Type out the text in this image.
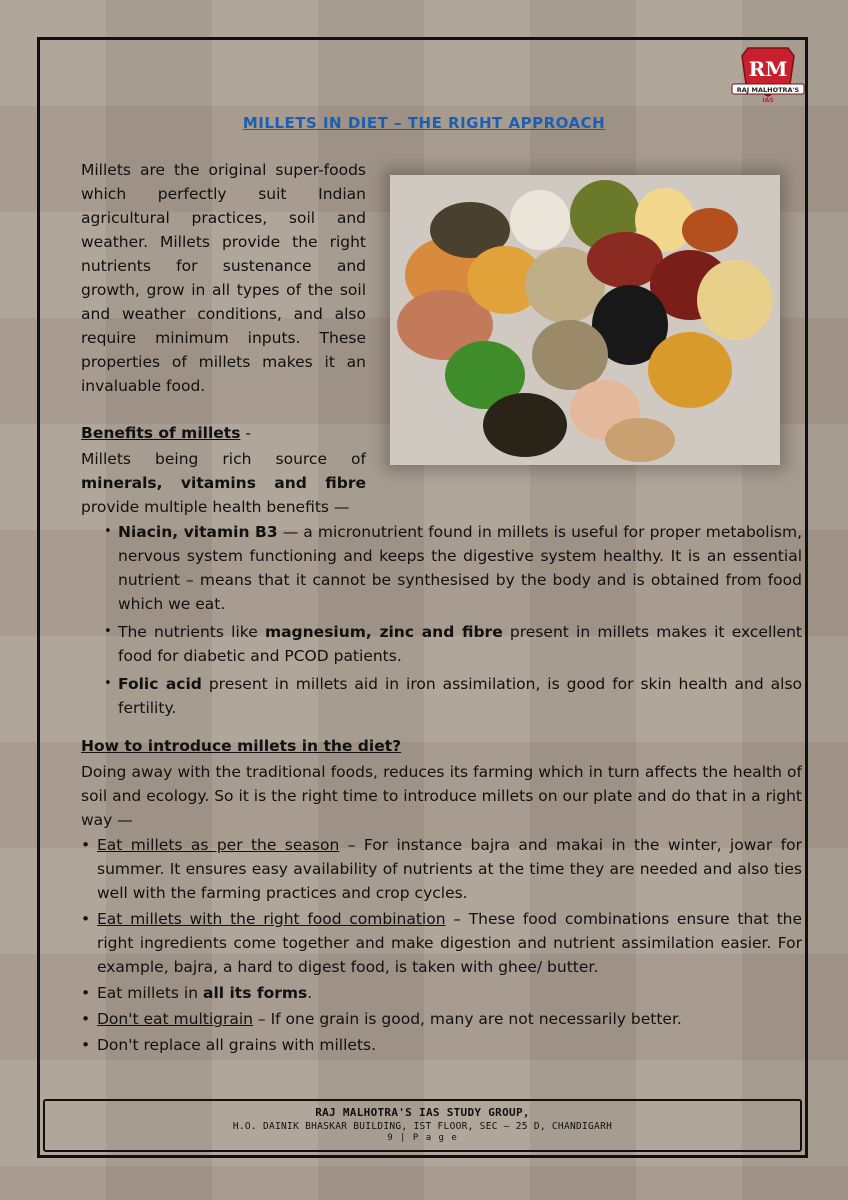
RM
RAJ MALHOTRA'S
IAS
MILLETS IN DIET – THE RIGHT APPROACH
Millets are the original super-foods which perfectly suit Indian agricultural practices, soil and weather. Millets provide the right nutrients for sustenance and growth, grow in all types of the soil and weather conditions, and also require minimum inputs. These properties of millets makes it an invaluable food.
Benefits of millets -
Millets being rich source of minerals, vitamins and fibre provide multiple health benefits —
• Niacin, vitamin B3 — a micronutrient found in millets is useful for proper metabolism, nervous system functioning and keeps the digestive system healthy. It is an essential nutrient – means that it cannot be synthesised by the body and is obtained from food which we eat.
• The nutrients like magnesium, zinc and fibre present in millets makes it excellent food for diabetic and PCOD patients.
• Folic acid present in millets aid in iron assimilation, is good for skin health and also fertility.
How to introduce millets in the diet?
Doing away with the traditional foods, reduces its farming which in turn affects the health of soil and ecology. So it is the right time to introduce millets on our plate and do that in a right way —
• Eat millets as per the season – For instance bajra and makai in the winter, jowar for summer. It ensures easy availability of nutrients at the time they are needed and also ties well with the farming practices and crop cycles.
• Eat millets with the right food combination – These food combinations ensure that the right ingredients come together and make digestion and nutrient assimilation easier. For example, bajra, a hard to digest food, is taken with ghee/ butter.
• Eat millets in all its forms.
• Don't eat multigrain – If one grain is good, many are not necessarily better.
• Don't replace all grains with millets.
RAJ MALHOTRA'S IAS STUDY GROUP,
H.O. DAINIK BHASKAR BUILDING, IST FLOOR, SEC – 25 D, CHANDIGARH
9 | P a g e
